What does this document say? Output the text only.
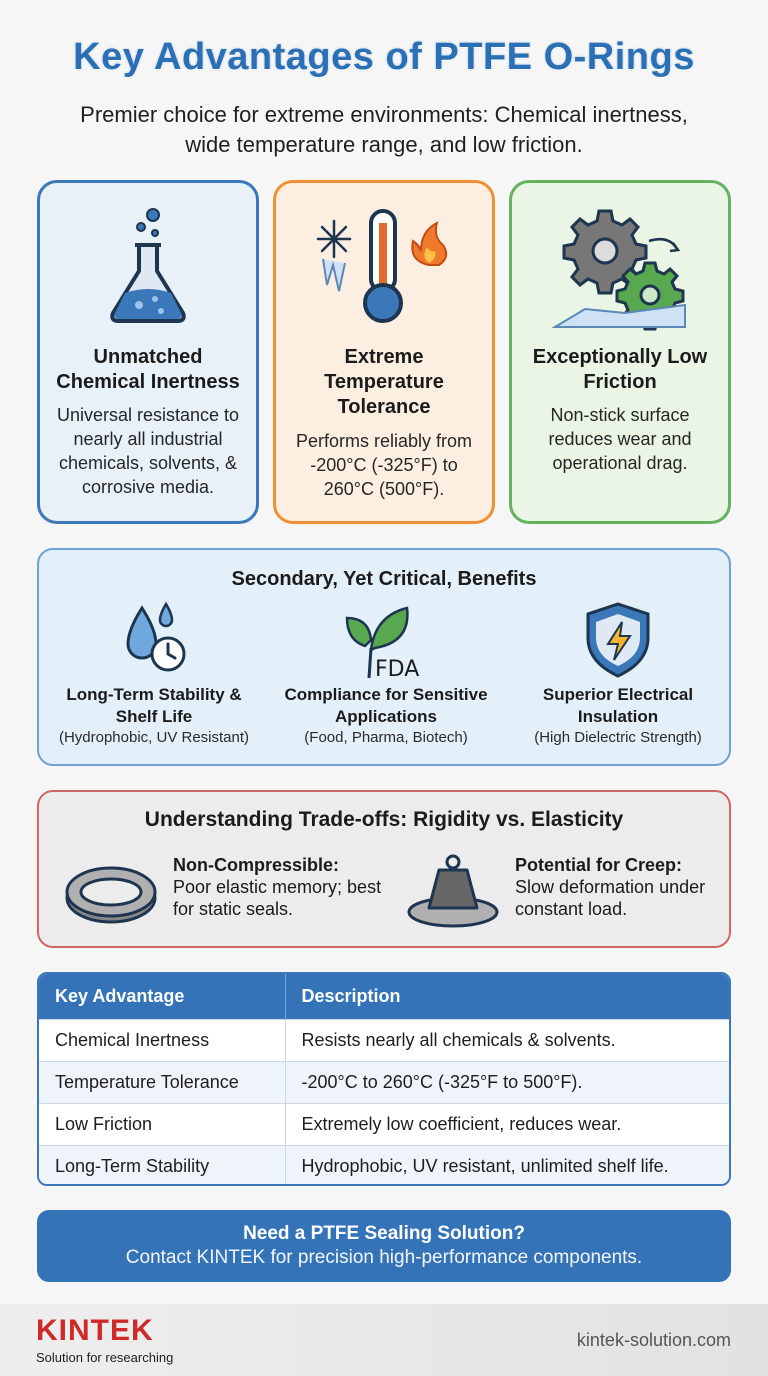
Key Advantages of PTFE O-Rings

Premier choice for extreme environments: Chemical inertness, wide temperature range, and low friction.

Unmatched Chemical Inertness
Universal resistance to nearly all industrial chemicals, solvents, & corrosive media.
Extreme Temperature Tolerance
Performs reliably from -200°C (-325°F) to 260°C (500°F).
Exceptionally Low Friction
Non-stick surface reduces wear and operational drag.
Secondary, Yet Critical, Benefits
Long-Term Stability & Shelf Life
(Hydrophobic, UV Resistant)
FDA
Compliance for Sensitive Applications
(Food, Pharma, Biotech)
Superior Electrical Insulation
(High Dielectric Strength)
Understanding Trade-offs: Rigidity vs. Elasticity
Non-Compressible:
Poor elastic memory; best for static seals.
Potential for Creep:
Slow deformation under constant load.
Key Advantage	Description
Chemical Inertness	Resists nearly all chemicals & solvents.
Temperature Tolerance	-200°C to 260°C (-325°F to 500°F).
Low Friction	Extremely low coefficient, reduces wear.
Long-Term Stability	Hydrophobic, UV resistant, unlimited shelf life.
Need a PTFE Sealing Solution?
Contact KINTEK for precision high-performance components.
KINTEK
Solution for researching
kintek-solution.com
